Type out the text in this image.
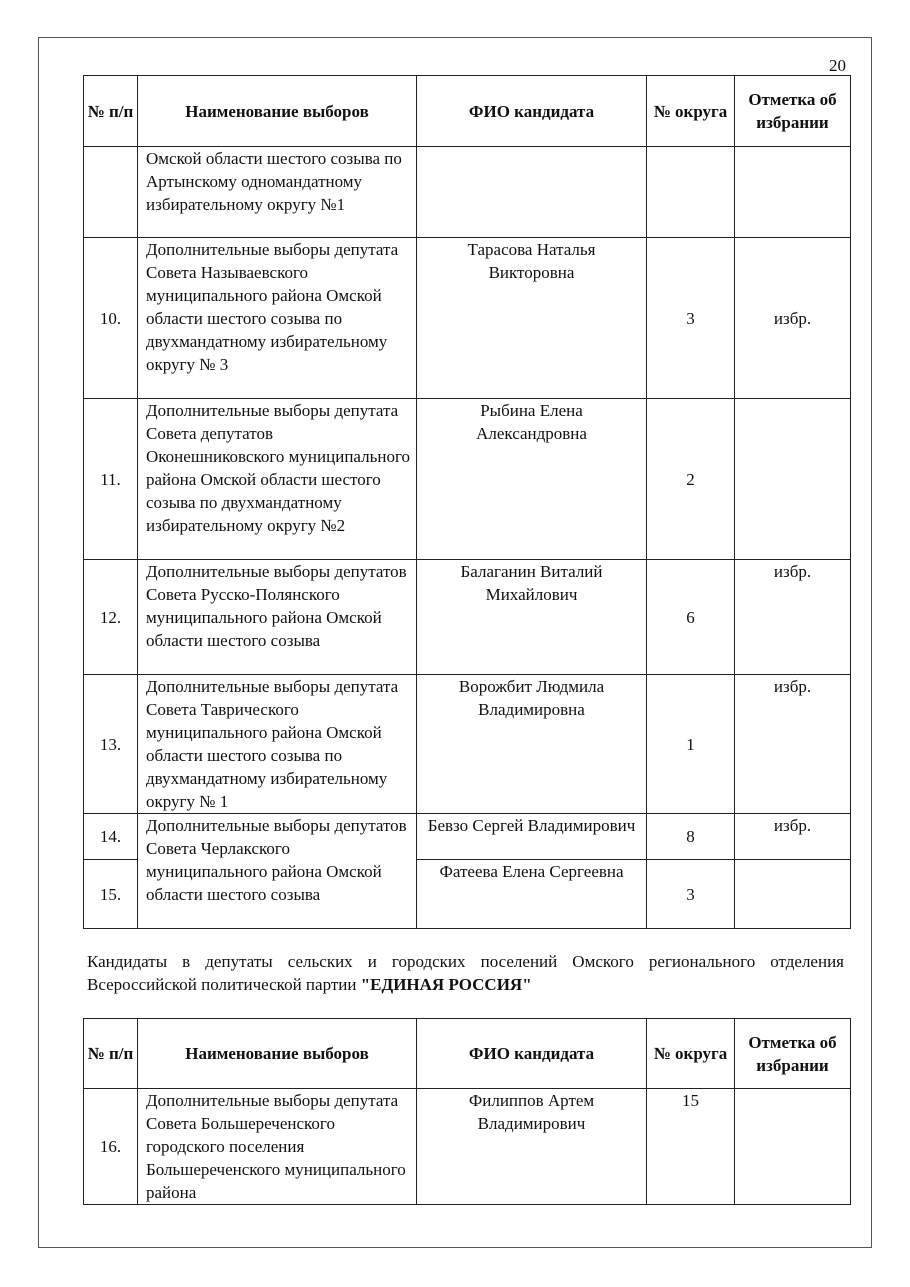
20
№ п/п	Наименование выборов	ФИО кандидата	№ округа	Отметка об избрании
	Омской области шестого созыва по Артынскому одномандатному избирательному округу №1			
10.	Дополнительные выборы депутата Совета Называевского муниципального района Омской области шестого созыва по двухмандатному избирательному округу № 3	Тарасова Наталья Викторовна	3	избр.
11.	Дополнительные выборы депутата Совета депутатов Оконешниковского муниципального района Омской области шестого созыва по двухмандатному избирательному округу №2	Рыбина Елена Александровна	2	
12.	Дополнительные выборы депутатов Совета Русско-Полянского муниципального района Омской области шестого созыва	Балаганин Виталий Михайлович	6	избр.
13.	Дополнительные выборы депутата Совета Таврического муниципального района Омской области шестого созыва по двухмандатному избирательному округу № 1	Ворожбит Людмила Владимировна	1	избр.
14.	Дополнительные выборы депутатов Совета Черлакского муниципального района Омской области шестого созыва	Бевзо Сергей Владимирович	8	избр.
15.		Фатеева Елена Сергеевна	3	
Кандидаты в депутаты сельских и городских поселений Омского регионального отделения Всероссийской политической партии "ЕДИНАЯ РОССИЯ"
№ п/п	Наименование выборов	ФИО кандидата	№ округа	Отметка об избрании
16.	Дополнительные выборы депутата Совета Большереченского городского поселения Большереченского муниципального района	Филиппов Артем Владимирович	15	
